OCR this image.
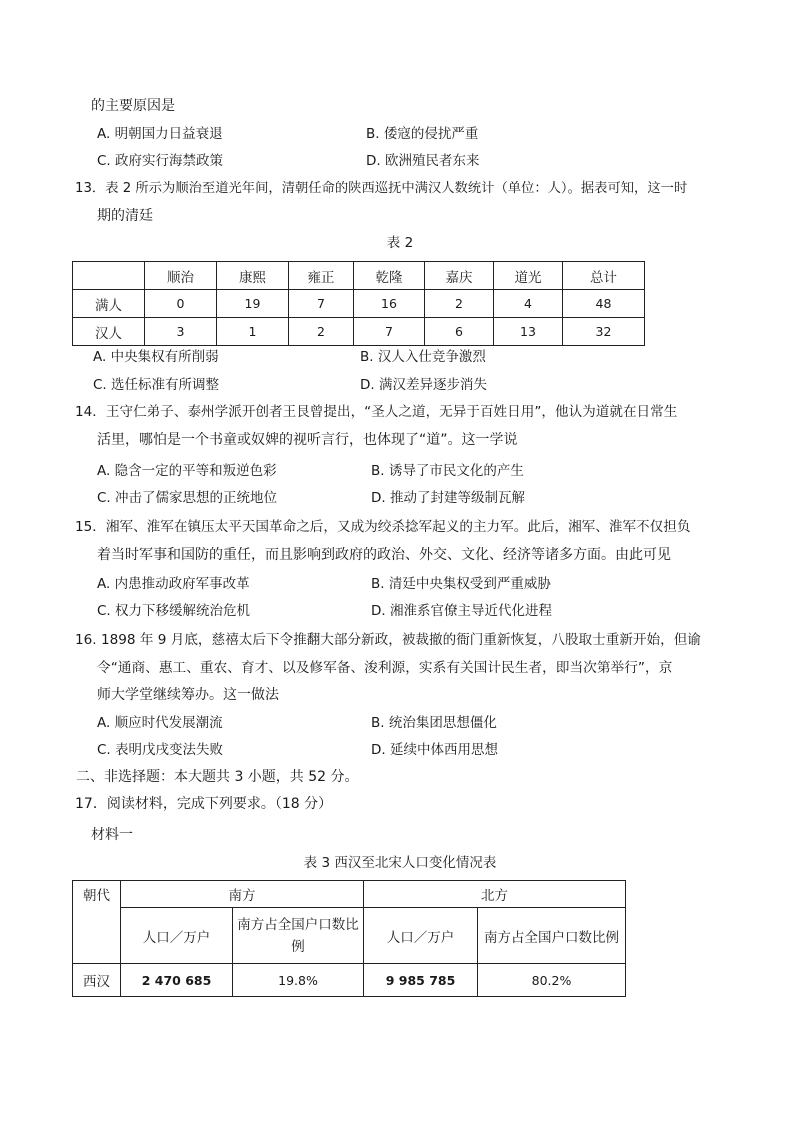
的主要原因是
A. 明朝国力日益衰退	B. 倭寇的侵扰严重
C. 政府实行海禁政策	D. 欧洲殖民者东来
13．表 2 所示为顺治至道光年间，清朝任命的陕西巡抚中满汉人数统计（单位：人）。据表可知，这一时
期的清廷
表 2
	顺治	康熙	雍正	乾隆	嘉庆	道光	总计
满人	0	19	7	16	2	4	48
汉人	3	1	2	7	6	13	32
A. 中央集权有所削弱	B. 汉人入仕竞争激烈
C. 选任标准有所调整	D. 满汉差异逐步消失
14．王守仁弟子、泰州学派开创者王艮曾提出，“圣人之道，无异于百姓日用”，他认为道就在日常生
活里，哪怕是一个书童或奴婢的视听言行，也体现了“道”。这一学说
A. 隐含一定的平等和叛逆色彩	B. 诱导了市民文化的产生
C. 冲击了儒家思想的正统地位	D. 推动了封建等级制瓦解
15．湘军、淮军在镇压太平天国革命之后，又成为绞杀捻军起义的主力军。此后，湘军、淮军不仅担负
着当时军事和国防的重任，而且影响到政府的政治、外交、文化、经济等诸多方面。由此可见
A. 内患推动政府军事改革	B. 清廷中央集权受到严重威胁
C. 权力下移缓解统治危机	D. 湘淮系官僚主导近代化进程
16. 1898 年 9 月底，慈禧太后下令推翻大部分新政，被裁撤的衙门重新恢复，八股取士重新开始，但谕
令“通商、惠工、重农、育才、以及修军备、浚利源，实系有关国计民生者，即当次第举行”，京
师大学堂继续筹办。这一做法
A. 顺应时代发展潮流	B. 统治集团思想僵化
C. 表明戊戌变法失败	D. 延续中体西用思想
二、非选择题：本大题共 3 小题，共 52 分。
17．阅读材料，完成下列要求。（18 分）
材料一
表 3 西汉至北宋人口变化情况表
朝代	南方		北方	
	人口／万户	南方占全国户口数比
例	人口／万户	南方占全国户口数比例
西汉	2 470 685	19.8%	9 985 785	80.2%
